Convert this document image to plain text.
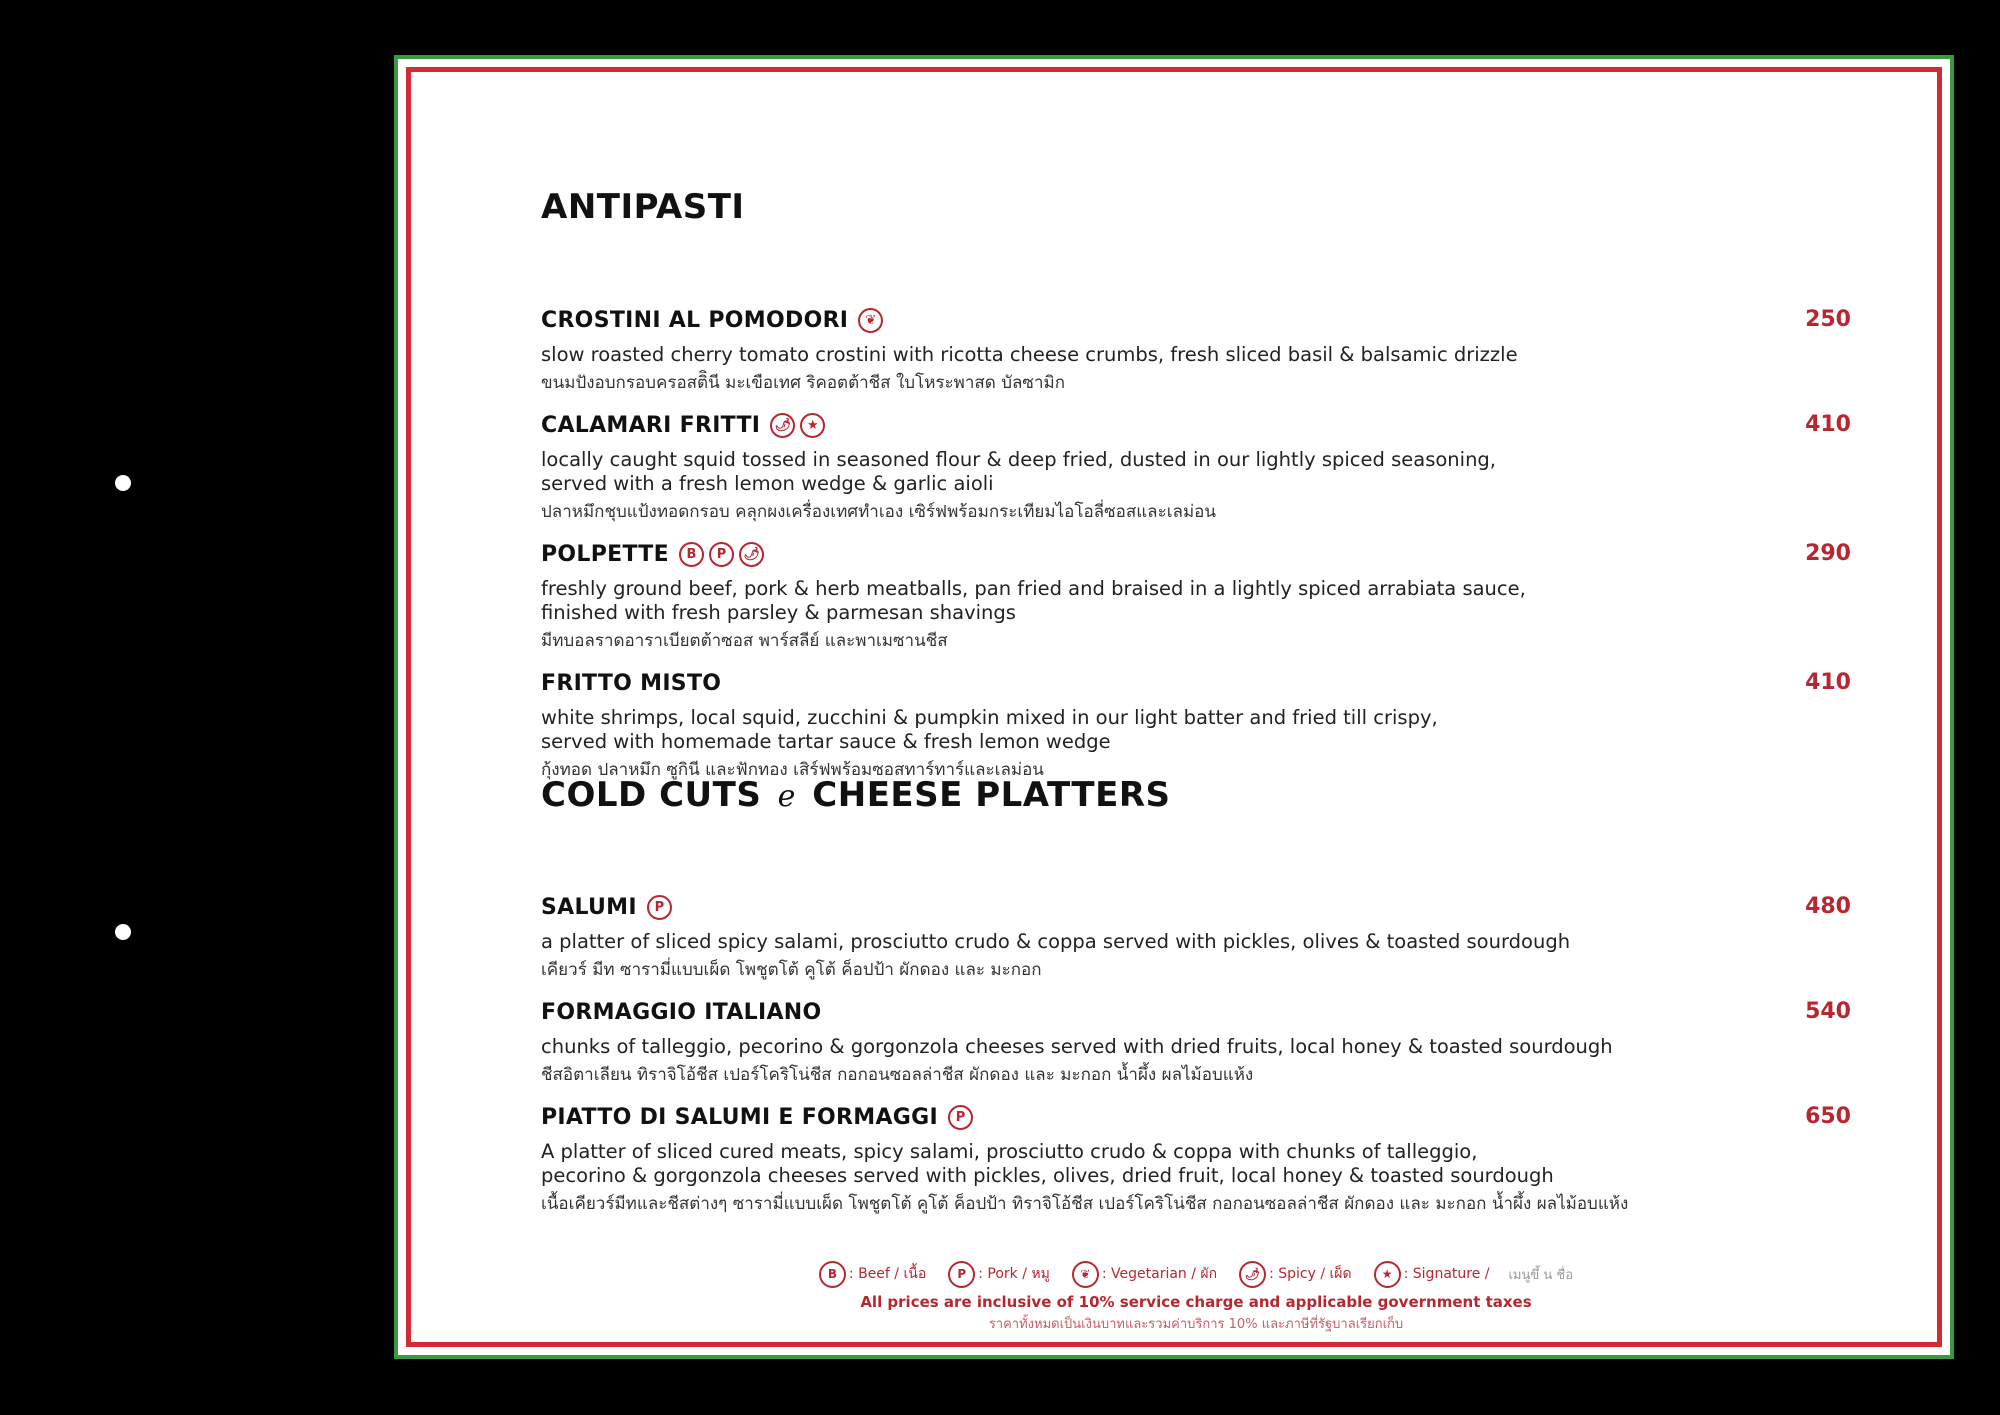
ANTIPASTI
COLD CUTS e CHEESE PLATTERS
CROSTINI AL POMODORI	❦	250
slow roasted cherry tomato crostini with ricotta cheese crumbs, fresh sliced basil & balsamic drizzle
ขนมปังอบกรอบครอสติินี มะเขือเทศ ริคอตต้าชีส ใบโหระพาสด บัลซามิก
CALAMARI FRITTI	🌶	★	410
locally caught squid tossed in seasoned flour & deep fried, dusted in our lightly spiced seasoning,
served with a fresh lemon wedge & garlic aioli
ปลาหมึกชุบแป้งทอดกรอบ คลุกผงเครื่องเทศทำเอง เซิร์ฟพร้อมกระเทียมไอโอลี่ซอสและเลม่อน
POLPETTE	B	P	🌶	290
freshly ground beef, pork & herb meatballs, pan fried and braised in a lightly spiced arrabiata sauce,
finished with fresh parsley & parmesan shavings
มีทบอลราดอาราเบียตต้าซอส พาร์สลีย์ และพาเมซานชีส
FRITTO MISTO	410
white shrimps, local squid, zucchini & pumpkin mixed in our light batter and fried till crispy,
served with homemade tartar sauce & fresh lemon wedge
กุ้งทอด ปลาหมึก ซูกินี และฟักทอง เสิร์ฟพร้อมซอสทาร์ทาร์และเลม่อน
SALUMI	P	480
a platter of sliced spicy salami, prosciutto crudo & coppa served with pickles, olives & toasted sourdough
เคียวร์ มีท ซารามี่แบบเผ็ด โพชูตโต้ คูโต้ ค็อปป้า ผักดอง และ มะกอก
FORMAGGIO ITALIANO	540
chunks of talleggio, pecorino & gorgonzola cheeses served with dried fruits, local honey & toasted sourdough
ชีสอิตาเลียน ทิราจิโอ้ชีส เปอร์โคริโน่ชีส กอกอนซอลล่าชีส ผักดอง และ มะกอก น้ำผึ้ง ผลไม้อบแห้ง
PIATTO DI SALUMI E FORMAGGI	P	650
A platter of sliced cured meats, spicy salami, prosciutto crudo & coppa with chunks of talleggio,
pecorino & gorgonzola cheeses served with pickles, olives, dried fruit, local honey & toasted sourdough
เนื้อเคียวร์มีทและชีสต่างๆ ซารามี่แบบเผ็ด โพชูตโต้ คูโต้ ค็อปป้า ทิราจิโอ้ชีส เปอร์โคริโน่ชีส กอกอนซอลล่าชีส ผักดอง และ มะกอก น้ำผึ้ง ผลไม้อบแห้ง
B : Beef / เนื้อ	P : Pork / หมู	❦ : Vegetarian / ผัก	🌶 : Spicy / เผ็ด	★ : Signature / เมนูขึ้ น ชื่อ
All prices are inclusive of 10% service charge and applicable government taxes
ราคาทั้งหมดเป็นเงินบาทและรวมค่าบริการ 10% และภาษีที่รัฐบาลเรียกเก็บ
